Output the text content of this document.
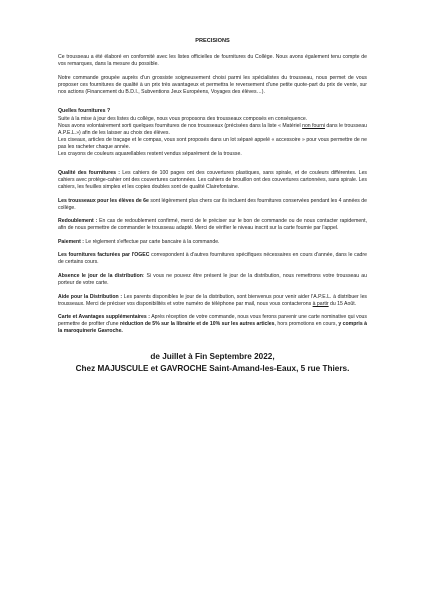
PRECISIONS

Ce trousseau a été élaboré en conformité avec les listes officielles de fournitures du Collège. Nous avons également tenu compte de vos remarques, dans la mesure du possible.

Notre commande groupée auprès d'un grossiste soigneusement choisi parmi les spécialistes du trousseau, nous permet de vous proposer ces fournitures de qualité à un prix très avantageux et permettra le reversement d'une petite quote-part du prix de vente, sur nos actions (Financement du B.D.I., Subventions Jeux Européens, Voyages des élèves…).

Quelles fournitures ?

Suite à la mise à jour des listes du collège, nous vous proposons des trousseaux composés en conséquence.

Nous avons volontairement sorti quelques fournitures de nos trousseaux (précisées dans la liste « Matériel non fourni dans le trousseau A.P.E.L.») afin de les laisser au choix des élèves.

Les ciseaux, articles de traçage et le compas, vous sont proposés dans un lot séparé appelé « accessoire » pour vous permettre de ne pas les racheter chaque année.

Les crayons de couleurs aquarellables restent vendus séparément de la trousse.

Qualité des fournitures : Les cahiers de 100 pages ont des couvertures plastiques, sans spirale, et de couleurs différentes. Les cahiers avec protège-cahier ont des couvertures cartonnées. Les cahiers de brouillon ont des couvertures cartonnées, sans spirale. Les cahiers, les feuilles simples et les copies doubles sont de qualité Clairefontaine.

Les trousseaux pour les élèves de 6e sont légèrement plus chers car ils incluent des fournitures conservées pendant les 4 années de collège.

Redoublement : En cas de redoublement confirmé, merci de le préciser sur le bon de commande ou de nous contacter rapidement, afin de nous permettre de commander le trousseau adapté. Merci de vérifier le niveau inscrit sur la carte fournie par l'appel.

Paiement : Le règlement s'effectue par carte bancaire à la commande.

Les fournitures facturées par l'OGEC correspondent à d'autres fournitures spécifiques nécessaires en cours d'année, dans le cadre de certains cours.

Absence le jour de la distribution: Si vous ne pouvez être présent le jour de la distribution, nous remettrons votre trousseau au porteur de votre carte.

Aide pour la Distribution : Les parents disponibles le jour de la distribution, sont bienvenus pour venir aider l'A.P.E.L. à distribuer les trousseaux. Merci de préciser vos disponibilités et votre numéro de téléphone par mail, nous vous contacterons à partir du 15 Août.

Carte et Avantages supplémentaires : Après réception de votre commande, nous vous ferons parvenir une carte nominative qui vous permettre de profiter d'une réduction de 5% sur la librairie et de 10% sur les autres articles, hors promotions en cours, y compris à la maroquinerie Gavroche.

de Juillet à Fin Septembre 2022,
Chez MAJUSCULE et GAVROCHE Saint-Amand-les-Eaux, 5 rue Thiers.
